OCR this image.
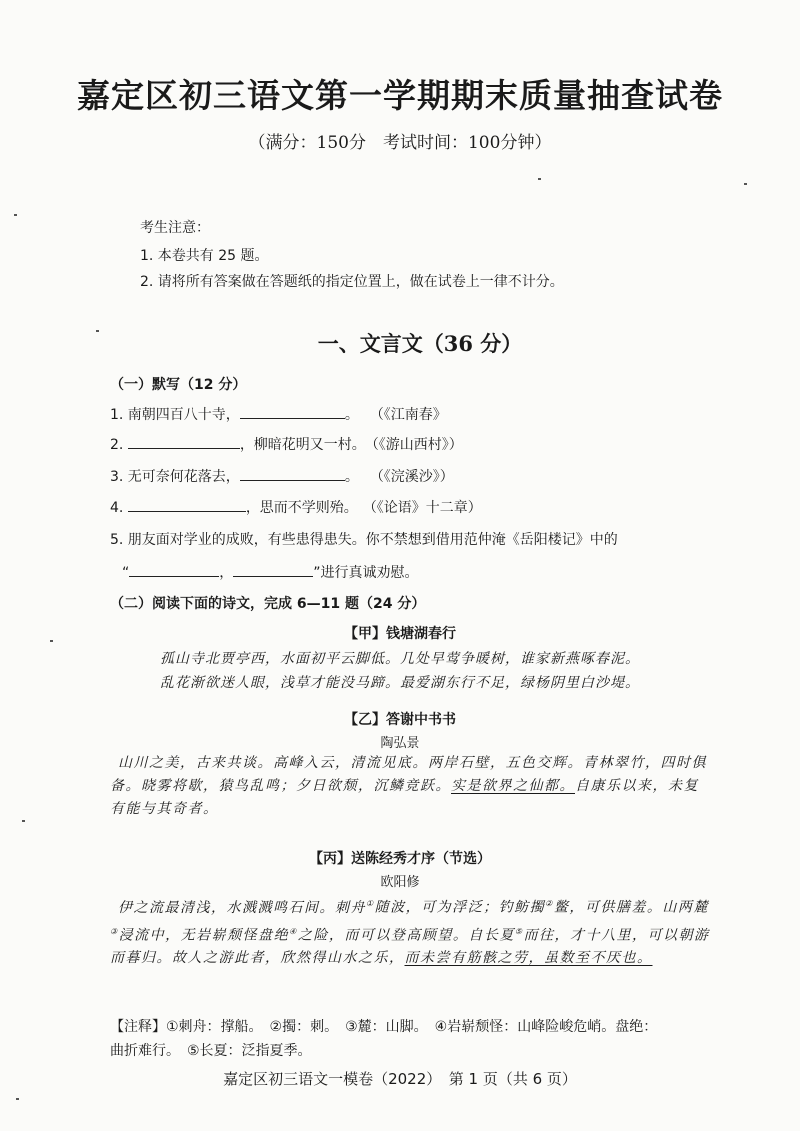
嘉定区初三语文第一学期期末质量抽查试卷
（满分：150分　考试时间：100分钟）
考生注意：
1. 本卷共有 25 题。
2. 请将所有答案做在答题纸的指定位置上，做在试卷上一律不计分。
一、文言文（36 分）
（一）默写（12 分）
1. 南朝四百八十寺，	。 （《江南春》
2.	，柳暗花明又一村。 （《游山西村》）
3. 无可奈何花落去，	。 （《浣溪沙》）
4.	，思而不学则殆。 （《论语》十二章）
5. 朋友面对学业的成败，有些患得患失。你不禁想到借用范仲淹《岳阳楼记》中的
“	，	”进行真诚劝慰。
（二）阅读下面的诗文，完成 6—11 题（24 分）
【甲】钱塘湖春行
孤山寺北贾亭西，水面初平云脚低。几处早莺争暖树，谁家新燕啄春泥。
乱花渐欲迷人眼，浅草才能没马蹄。最爱湖东行不足，绿杨阴里白沙堤。
【乙】答谢中书书
陶弘景
山川之美，古来共谈。高峰入云，清流见底。两岸石壁，五色交辉。青林翠竹，四时俱备。晓雾将歇，猿鸟乱鸣；夕日欲颓，沉鳞竞跃。实是欲界之仙都。自康乐以来，未复有能与其奇者。
【丙】送陈经秀才序（节选）
欧阳修
伊之流最清浅，水溅溅鸣石间。刺舟①随波，可为浮泛；钓鲂擉②鳖，可供膳羞。山两麓③浸流中，无岩崭颓怪盘绝④之险，而可以登高顾望。自长夏⑤而往，才十八里，可以朝游而暮归。故人之游此者，欣然得山水之乐，而未尝有筋骸之劳，虽数至不厌也。
【注释】①刺舟：撑船。　②擉：刺。　③麓：山脚。　④岩崭颓怪：山峰险峻危峭。盘绝：
曲折难行。　⑤长夏：泛指夏季。
嘉定区初三语文一模卷（2022）　第 1 页（共 6 页）
